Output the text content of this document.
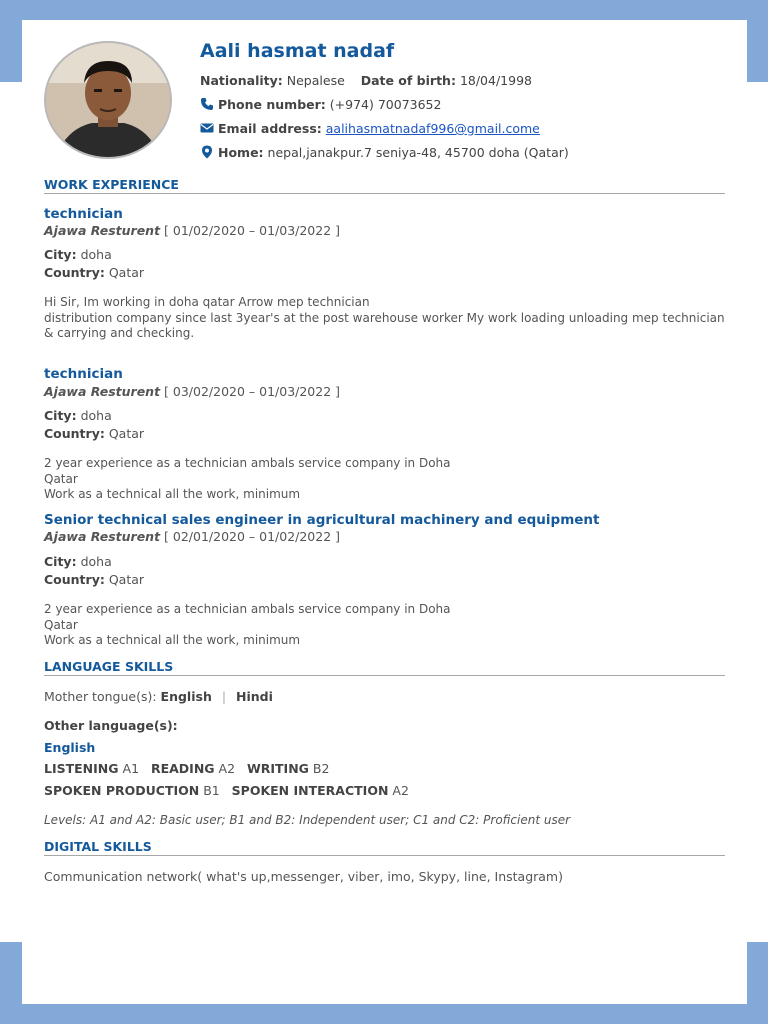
Aali hasmat nadaf
Nationality: Nepalese Date of birth: 18/04/1998
Phone number: (+974) 70073652
Email address: aalihasmatnadaf996@gmail.come
Home: nepal,janakpur.7 seniya-48, 45700 doha (Qatar)
WORK EXPERIENCE
technician
Ajawa Resturent [ 01/02/2020 – 01/03/2022 ]
City: doha
Country: Qatar
Hi Sir, Im working in doha qatar Arrow mep technician
distribution company since last 3year's at the post warehouse worker My work loading unloading mep technician & carrying and checking.
technician
Ajawa Resturent [ 03/02/2020 – 01/03/2022 ]
City: doha
Country: Qatar
2 year experience as a technician ambals service company in Doha
Qatar
Work as a technical all the work, minimum
Senior technical sales engineer in agricultural machinery and equipment
Ajawa Resturent [ 02/01/2020 – 01/02/2022 ]
City: doha
Country: Qatar
2 year experience as a technician ambals service company in Doha
Qatar
Work as a technical all the work, minimum
LANGUAGE SKILLS
Mother tongue(s): English | Hindi
Other language(s):
English
LISTENING A1 READING A2 WRITING B2
SPOKEN PRODUCTION B1 SPOKEN INTERACTION A2
Levels: A1 and A2: Basic user; B1 and B2: Independent user; C1 and C2: Proficient user
DIGITAL SKILLS
Communication network( what's up,messenger, viber, imo, Skypy, line, Instagram)
